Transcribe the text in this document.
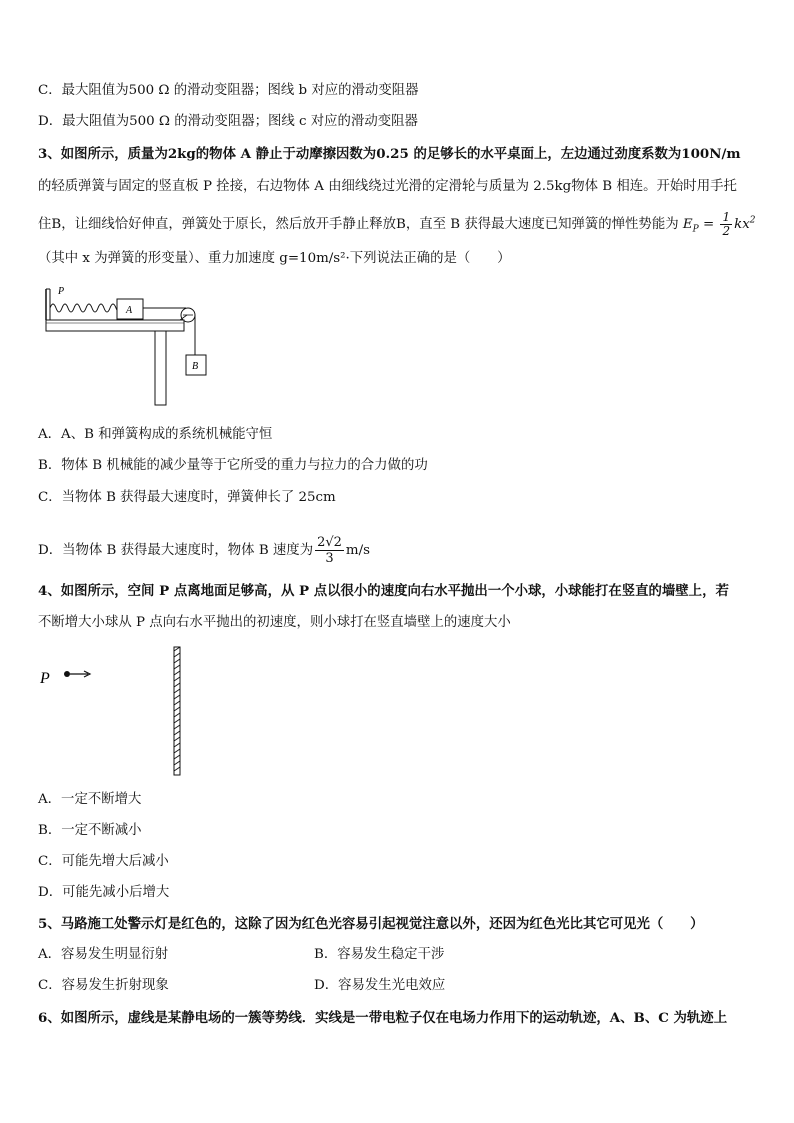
C．最大阻值为500 Ω 的滑动变阻器；图线 b 对应的滑动变阻器
D．最大阻值为500 Ω 的滑动变阻器；图线 c 对应的滑动变阻器
3、如图所示，质量为2kg的物体 A 静止于动摩擦因数为0.25 的足够长的水平桌面上，左边通过劲度系数为100N/m
的轻质弹簧与固定的竖直板 P 拴接，右边物体 A 由细线绕过光滑的定滑轮与质量为 2.5kg物体 B 相连。开始时用手托
住B，让细线恰好伸直，弹簧处于原长，然后放开手静止释放B，直至 B 获得最大速度已知弹簧的惮性势能为 $E_P = \frac{1}{2} kx^2$
（其中 x 为弹簧的形变量）、重力加速度 g=10m/s²·下列说法正确的是（　　）
P
A
B
A．A、B 和弹簧构成的系统机械能守恒
B．物体 B 机械能的减少量等于它所受的重力与拉力的合力做的功
C．当物体 B 获得最大速度时，弹簧伸长了 25cm
D．当物体 B 获得最大速度时，物体 B 速度为 $\frac{2√2}{3} m/s$
4、如图所示，空间 P 点离地面足够高，从 P 点以很小的速度向右水平抛出一个小球，小球能打在竖直的墙壁上，若
不断增大小球从 P 点向右水平抛出的初速度，则小球打在竖直墙壁上的速度大小
P
A．一定不断增大
B．一定不断减小
C．可能先增大后减小
D．可能先减小后增大
5、马路施工处警示灯是红色的，这除了因为红色光容易引起视觉注意以外，还因为红色光比其它可见光（　　）
A．容易发生明显衍射	B．容易发生稳定干涉
C．容易发生折射现象	D．容易发生光电效应
6、如图所示，虚线是某静电场的一簇等势线．实线是一带电粒子仅在电场力作用下的运动轨迹，A、B、C 为轨迹上
